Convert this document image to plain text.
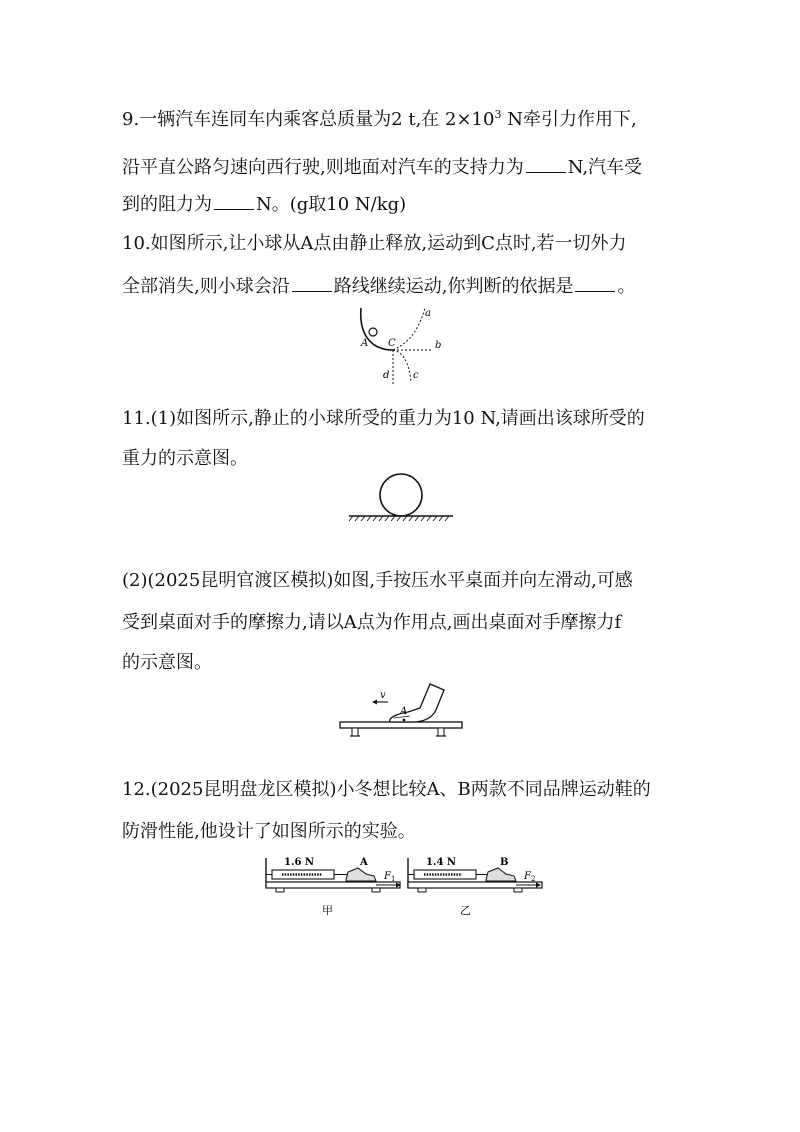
9.一辆汽车连同车内乘客总质量为2 t,在 $2\times 10^3$ N牵引力作用下,
沿平直公路匀速向西行驶,则地面对汽车的支持力为 N,汽车受
到的阻力为 N。(g取10 N/kg)
10.如图所示,让小球从A点由静止释放,运动到C点时,若一切外力
全部消失,则小球会沿 路线继续运动,你判断的依据是 。
A C
a
b
c
d
11.(1)如图所示,静止的小球所受的重力为10 N,请画出该球所受的
重力的示意图。
(2)(2025昆明官渡区模拟)如图,手按压水平桌面并向左滑动,可感
受到桌面对手的摩擦力,请以A点为作用点,画出桌面对手摩擦力f
的示意图。
v
A
12.(2025昆明盘龙区模拟)小冬想比较A、B两款不同品牌运动鞋的
防滑性能,他设计了如图所示的实验。
1.6 N	A
F 1
甲
1.4 N	B
F 2
乙
